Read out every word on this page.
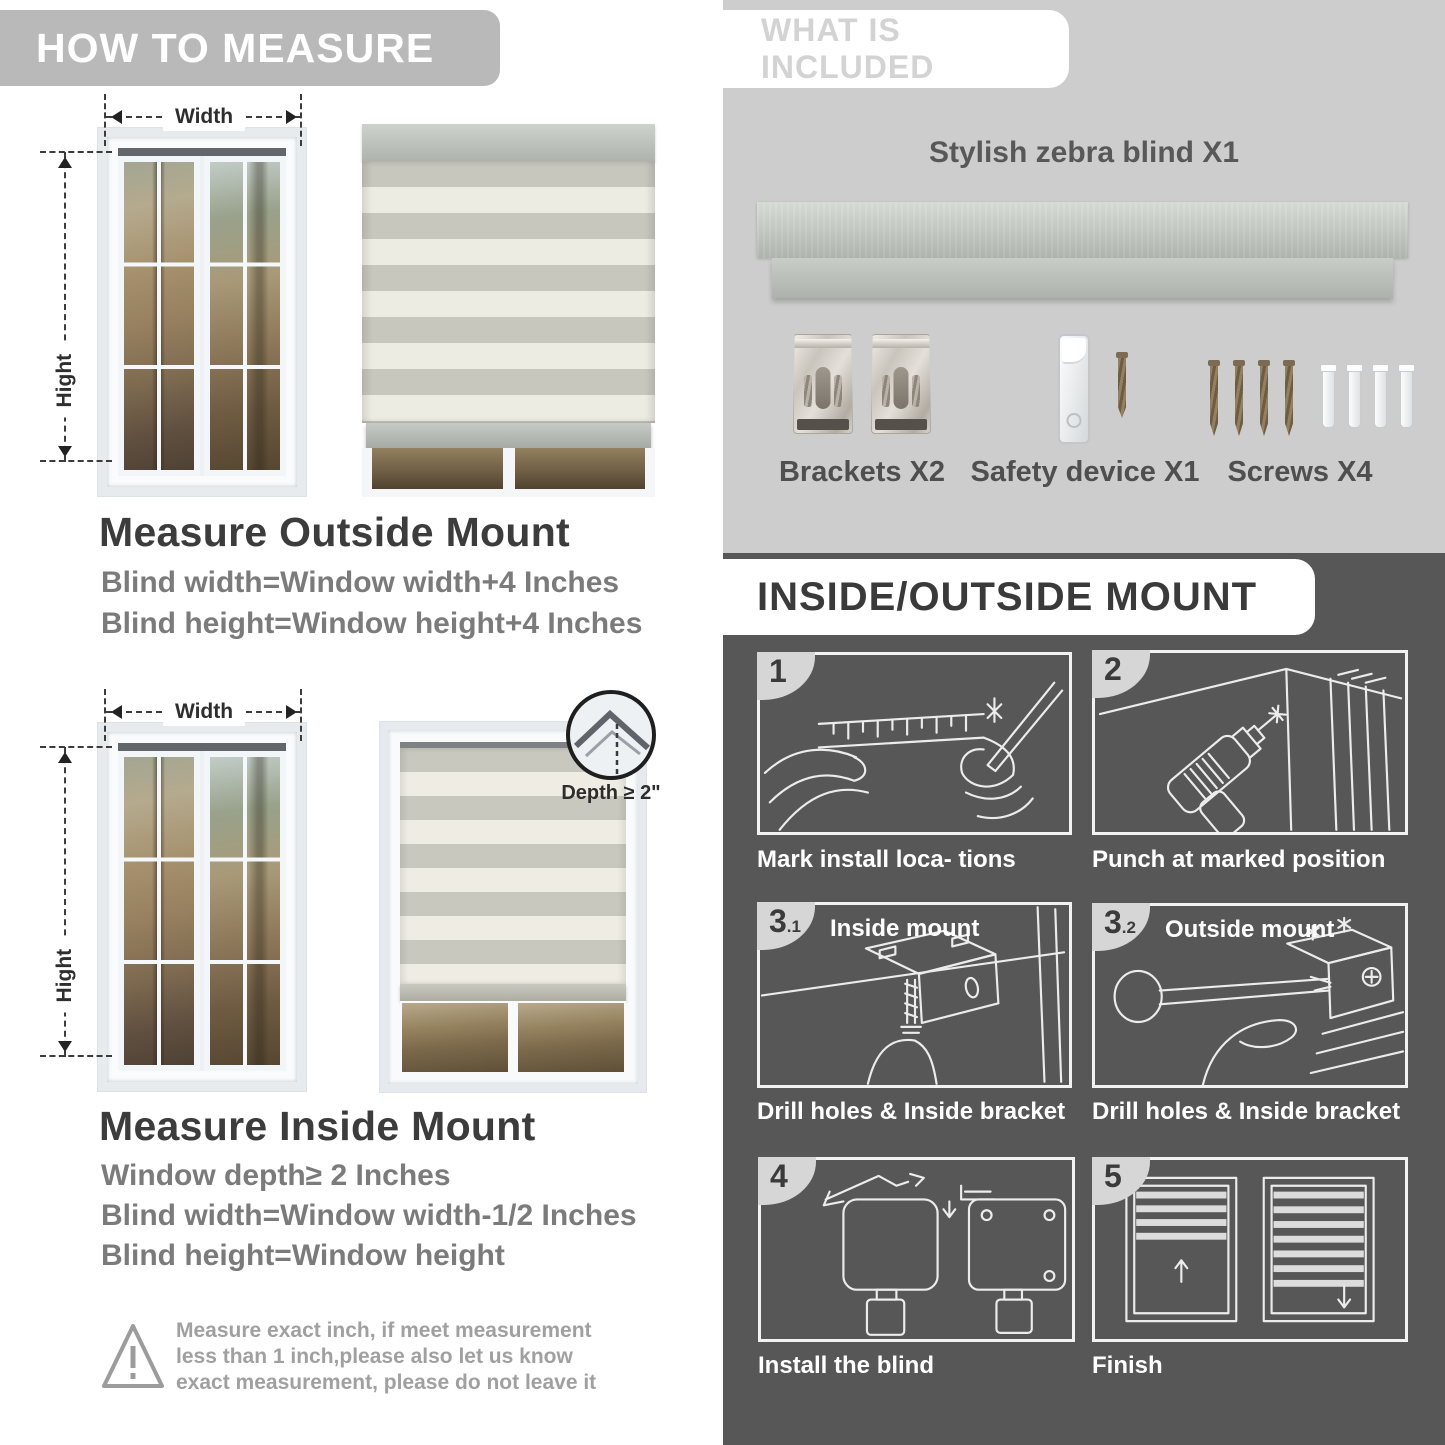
HOW TO MEASURE
Width
Hight
Measure Outside Mount
Blind width=Window width+4 Inches
Blind height=Window height+4 Inches
Width
Hight
Depth ≥ 2"
Measure Inside Mount
Window depth≥ 2 Inches
Blind width=Window width-1/2 Inches
Blind height=Window height
Measure exact inch, if meet measurement less than 1 inch,please also let us know exact measurement, please do not leave it
WHAT IS INCLUDED
Stylish zebra blind X1
Brackets X2 Safety device X1 Screws X4
INSIDE/OUTSIDE MOUNT
1
Mark install loca- tions
2
Punch at marked position
3.1	Inside mount
Drill holes & Inside bracket
3.2	Outside mount
Drill holes & Inside bracket
4
Install the blind
5
Finish
